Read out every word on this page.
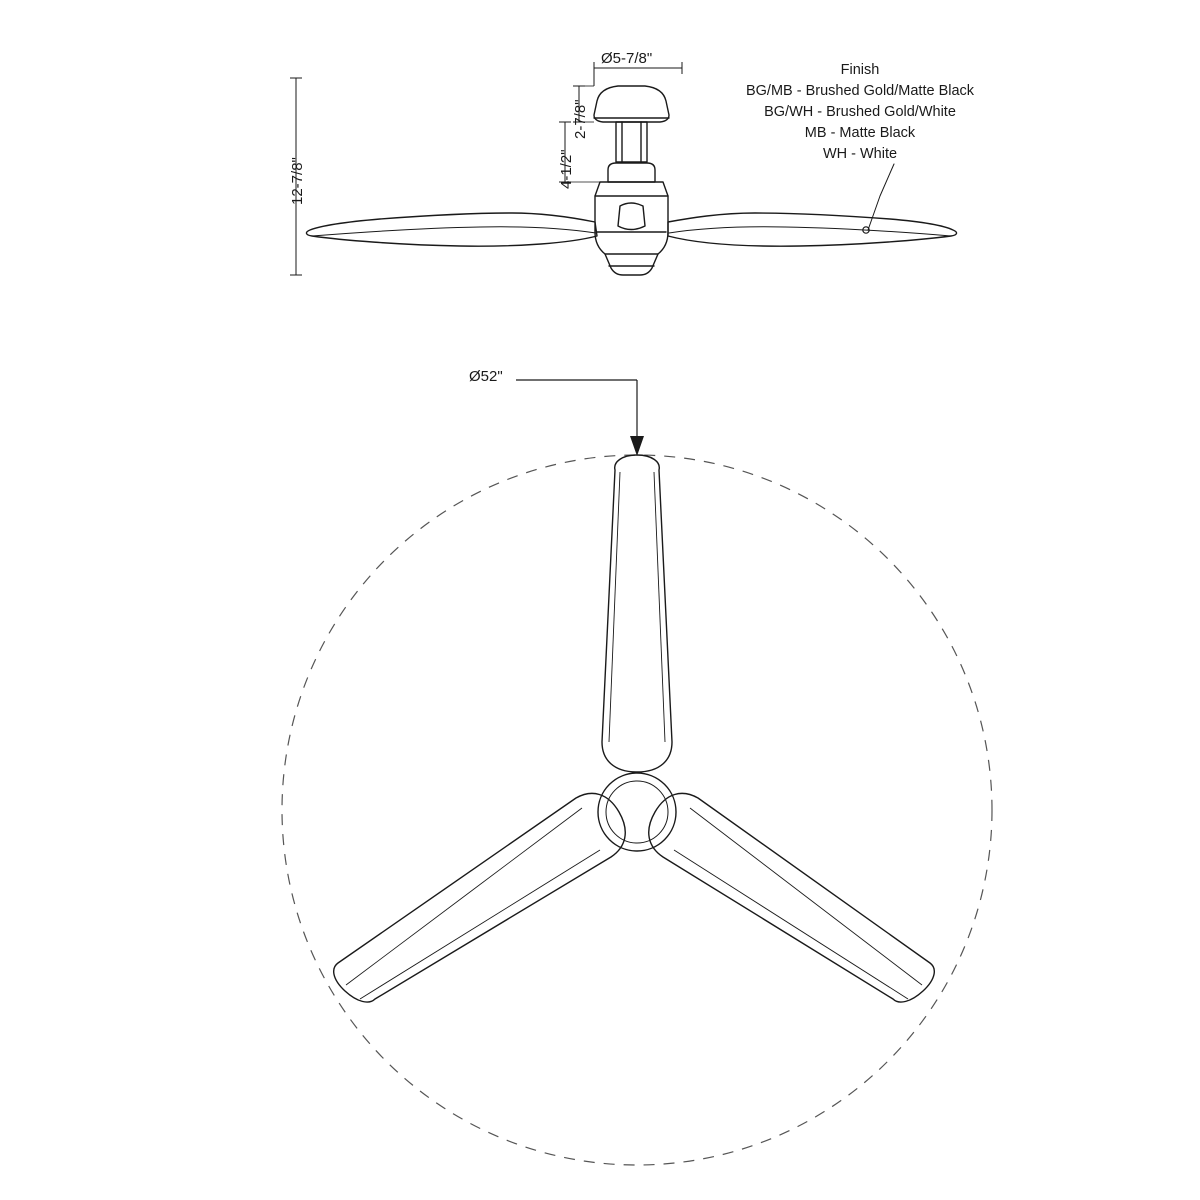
12-7/8"
Ø5-7/8"
2-7/8"
4-1/2"
Ø52"
Finish
BG/MB - Brushed Gold/Matte Black
BG/WH - Brushed Gold/White
MB - Matte Black
WH - White
